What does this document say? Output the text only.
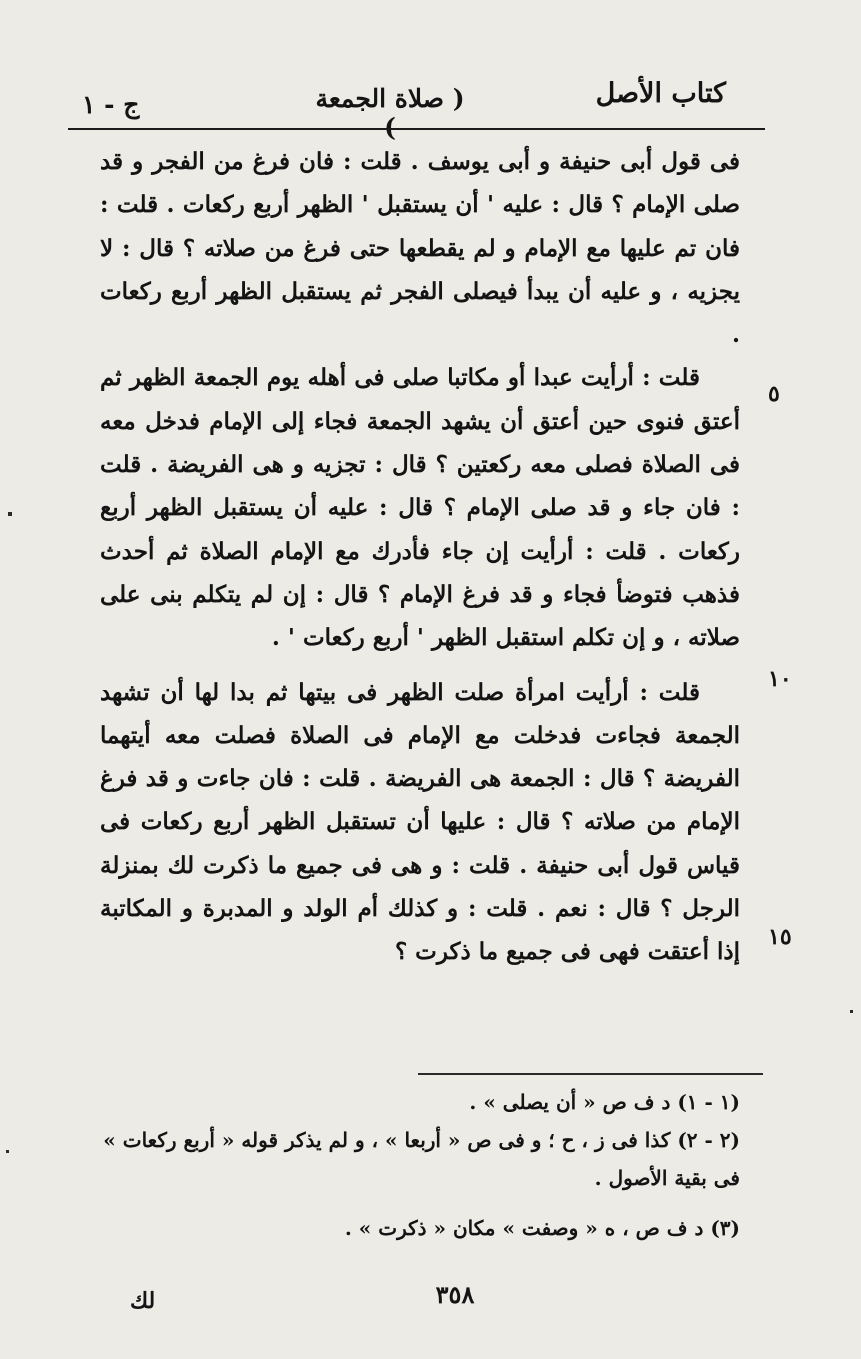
كتاب الأصل
( صلاة الجمعة )
ج - ١

فى قول أبى حنيفة و أبى يوسف . قلت : فان فرغ من الفجر و قد صلى الإمام ؟ قال : عليه ' أن يستقبل ' الظهر أربع ركعات . قلت : فان تم عليها مع الإمام و لم يقطعها حتى فرغ من صلاته ؟ قال : لا يجزيه ، و عليه أن يبدأ فيصلى الفجر ثم يستقبل الظهر أربع ركعات .

قلت : أرأيت عبدا أو مكاتبا صلى فى أهله يوم الجمعة الظهر ثم أعتق فنوى حين أعتق أن يشهد الجمعة فجاء إلى الإمام فدخل معه فى الصلاة فصلى معه ركعتين ؟ قال : تجزيه و هى الفريضة . قلت : فان جاء و قد صلى الإمام ؟ قال : عليه أن يستقبل الظهر أربع ركعات . قلت : أرأيت إن جاء فأدرك مع الإمام الصلاة ثم أحدث فذهب فتوضأ فجاء و قد فرغ الإمام ؟ قال : إن لم يتكلم بنى على صلاته ، و إن تكلم استقبل الظهر ' أربع ركعات ' .

قلت : أرأيت امرأة صلت الظهر فى بيتها ثم بدا لها أن تشهد الجمعة فجاءت فدخلت مع الإمام فى الصلاة فصلت معه أيتهما الفريضة ؟ قال : الجمعة هى الفريضة . قلت : فان جاءت و قد فرغ الإمام من صلاته ؟ قال : عليها أن تستقبل الظهر أربع ركعات فى قياس قول أبى حنيفة . قلت : و هى فى جميع ما ذكرت لك بمنزلة الرجل ؟ قال : نعم . قلت : و كذلك أم الولد و المدبرة و المكاتبة إذا أعتقت فهى فى جميع ما ذكرت ؟

٥
١٠
١٥

(١ - ١) د ف ص « أن يصلى » .

(٢ - ٢) كذا فى ز ، ح ؛ و فى ص « أربعا » ، و لم يذكر قوله « أربع ركعات »

فى بقية الأصول .

(٣) د ف ص ، ه « وصفت » مكان « ذكرت » .

٣٥٨
لك
